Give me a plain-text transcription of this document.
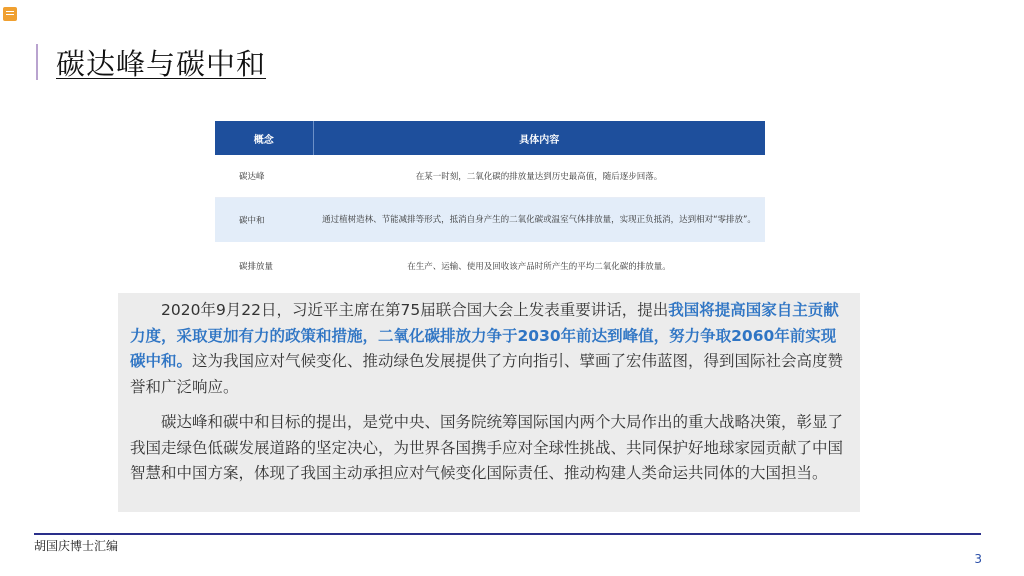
碳达峰与碳中和
概念	具体内容
碳达峰	在某一时刻，二氧化碳的排放量达到历史最高值，随后逐步回落。
碳中和	通过植树造林、节能减排等形式，抵消自身产生的二氧化碳或温室气体排放量，实现正负抵消，达到相对“零排放”。
碳排放量	在生产、运输、使用及回收该产品时所产生的平均二氧化碳的排放量。

2020年9月22日，习近平主席在第75届联合国大会上发表重要讲话，提出我国将提高国家自主贡献力度，采取更加有力的政策和措施，二氧化碳排放力争于2030年前达到峰值，努力争取2060年前实现碳中和。这为我国应对气候变化、推动绿色发展提供了方向指引、擘画了宏伟蓝图，得到国际社会高度赞誉和广泛响应。

碳达峰和碳中和目标的提出，是党中央、国务院统筹国际国内两个大局作出的重大战略决策，彰显了我国走绿色低碳发展道路的坚定决心，为世界各国携手应对全球性挑战、共同保护好地球家园贡献了中国智慧和中国方案，体现了我国主动承担应对气候变化国际责任、推动构建人类命运共同体的大国担当。

胡国庆博士汇编
3
